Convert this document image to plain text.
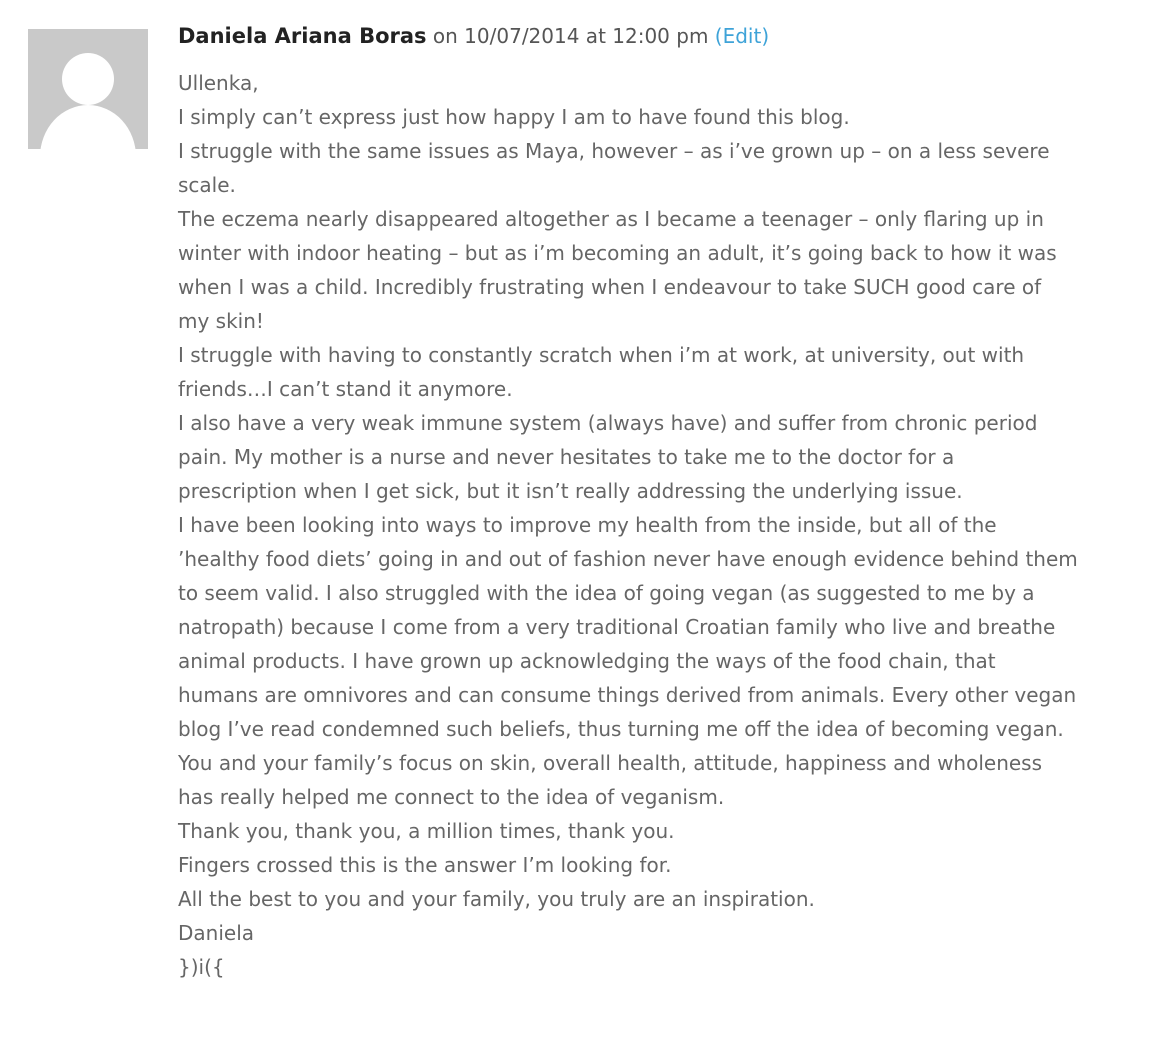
Daniela Ariana Boras on 10/07/2014 at 12:00 pm (Edit)

Ullenka,

I simply can’t express just how happy I am to have found this blog.

I struggle with the same issues as Maya, however – as i’ve grown up – on a less severe scale.

The eczema nearly disappeared altogether as I became a teenager – only flaring up in winter with indoor heating – but as i’m becoming an adult, it’s going back to how it was when I was a child. Incredibly frustrating when I endeavour to take SUCH good care of my skin!

I struggle with having to constantly scratch when i’m at work, at university, out with friends…I can’t stand it anymore.

I also have a very weak immune system (always have) and suffer from chronic period pain. My mother is a nurse and never hesitates to take me to the doctor for a prescription when I get sick, but it isn’t really addressing the underlying issue.

I have been looking into ways to improve my health from the inside, but all of the ’healthy food diets’ going in and out of fashion never have enough evidence behind them to seem valid. I also struggled with the idea of going vegan (as suggested to me by a natropath) because I come from a very traditional Croatian family who live and breathe animal products. I have grown up acknowledging the ways of the food chain, that humans are omnivores and can consume things derived from animals. Every other vegan blog I’ve read condemned such beliefs, thus turning me off the idea of becoming vegan.

You and your family’s focus on skin, overall health, attitude, happiness and wholeness has really helped me connect to the idea of veganism.

Thank you, thank you, a million times, thank you.

Fingers crossed this is the answer I’m looking for.

All the best to you and your family, you truly are an inspiration.

Daniela

})i({
